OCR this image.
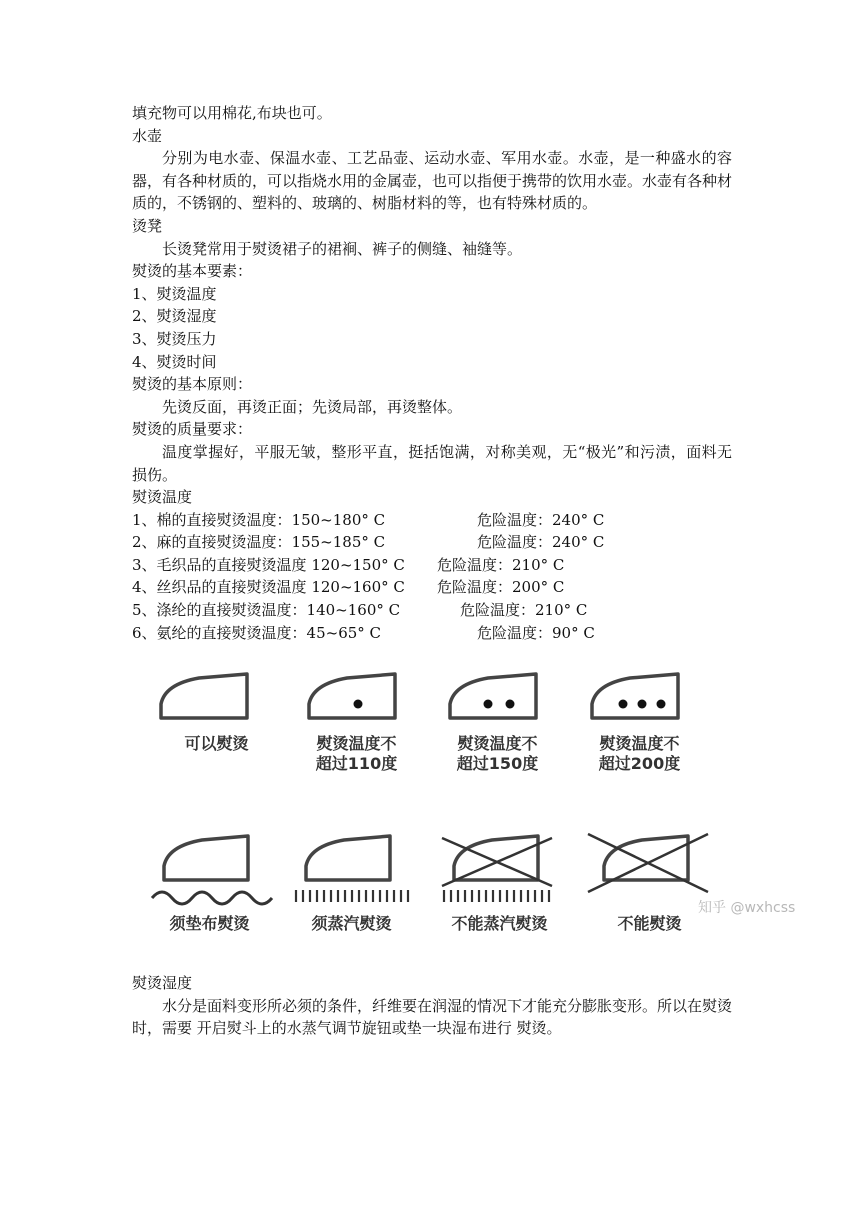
填充物可以用棉花,布块也可。
水壶
分别为电水壶、保温水壶、工艺品壶、运动水壶、军用水壶。水壶，是一种盛水的容器，有各种材质的，可以指烧水用的金属壶，也可以指便于携带的饮用水壶。水壶有各种材质的，不锈钢的、塑料的、玻璃的、树脂材料的等，也有特殊材质的。
烫凳
长烫凳常用于熨烫裙子的裙裥、裤子的侧缝、袖缝等。
熨烫的基本要素：
1、熨烫温度
2、熨烫湿度
3、熨烫压力
4、熨烫时间
熨烫的基本原则：
先烫反面，再烫正面；先烫局部，再烫整体。
熨烫的质量要求：
温度掌握好，平服无皱，整形平直，挺括饱满，对称美观，无“极光”和污渍，面料无损伤。
熨烫温度
1、棉的直接熨烫温度：150~180° C	危险温度：240° C
2、麻的直接熨烫温度：155~185° C	危险温度：240° C
3、毛织品的直接熨烫温度 120~150° C 危险温度：210° C
4、丝织品的直接熨烫温度 120~160° C 危险温度：200° C
5、涤纶的直接熨烫温度：140~160° C	危险温度：210° C
6、氨纶的直接熨烫温度：45~65° C	危险温度：90° C
可以熨烫	熨烫温度不
超过110度
熨烫温度不
超过150度
熨烫温度不
超过200度
须垫布熨烫	须蒸汽熨烫	不能蒸汽熨烫	不能熨烫
知乎 @wxhcss
熨烫湿度
水分是面料变形所必须的条件，纤维要在润湿的情况下才能充分膨胀变形。所以在熨烫时，需要 开启熨斗上的水蒸气调节旋钮或垫一块湿布进行 熨烫。
